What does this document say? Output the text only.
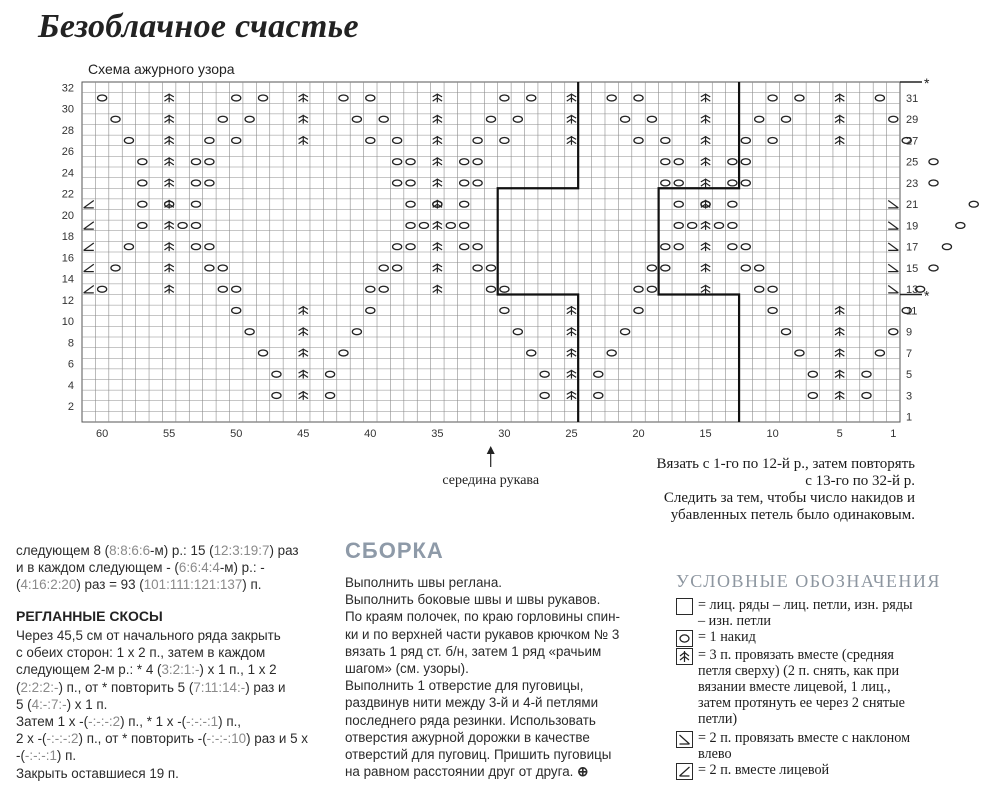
Безоблачное счастье
Схема ажурного узора
32
30
28
26
24
22
20
18
16
14
12
10
8
6
4
2
31
29
27
25
23
21
19
17
15
13
11
9
7
5
3
1
60	55	50	45	40	35	30	25	20	15	10	5	1
*
*
середина рукава
Вязать с 1-го по 12-й р., затем повторять
с 13-го по 32-й р.
Следить за тем, чтобы число накидов и
убавленных петель было одинаковым.
следующем 8 (8:8:6:6-м) р.: 15 (12:3:19:7) раз
и в каждом следующем - (6:6:4:4-м) р.: -
(4:16:2:20) раз = 93 (101:111:121:137) п.
РЕГЛАННЫЕ СКОСЫ
Через 45,5 см от начального ряда закрыть
с обеих сторон: 1 х 2 п., затем в каждом
следующем 2-м р.: * 4 (3:2:1:-) х 1 п., 1 х 2
(2:2:2:-) п., от * повторить 5 (7:11:14:-) раз и
5 (4:-:7:-) х 1 п.
Затем 1 х -(-:-:-:2) п., * 1 х -(-:-:-:1) п.,
2 х -(-:-:-:2) п., от * повторить -(-:-:-:10) раз и 5 х
-(-:-:-:1) п.
Закрыть оставшиеся 19 п.
СБОРКА
Выполнить швы реглана.
Выполнить боковые швы и швы рукавов.
По краям полочек, по краю горловины спин-
ки и по верхней части рукавов крючком № 3
вязать 1 ряд ст. б/н, затем 1 ряд «рачьим
шагом» (см. узоры).
Выполнить 1 отверстие для пуговицы,
раздвинув нити между 3-й и 4-й петлями
последнего ряда резинки. Использовать
отверстия ажурной дорожки в качестве
отверстий для пуговиц. Пришить пуговицы
на равном расстоянии друг от друга. ⊕
УСЛОВНЫЕ ОБОЗНАЧЕНИЯ
= лиц. ряды – лиц. петли, изн. ряды
– изн. петли
= 1 накид
= 3 п. провязать вместе (средняя
петля сверху) (2 п. снять, как при
вязании вместе лицевой, 1 лиц.,
затем протянуть ее через 2 снятые
петли)
= 2 п. провязать вместе с наклоном
влево
= 2 п. вместе лицевой
